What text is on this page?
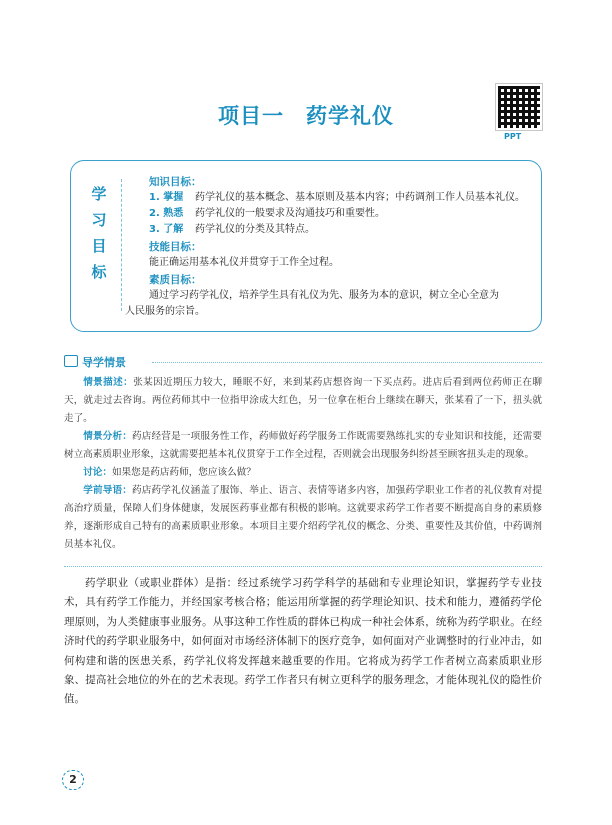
项目一 药学礼仪
PPT
学
习
目
标
知识目标：
1. 掌握 药学礼仪的基本概念、基本原则及基本内容；中药调剂工作人员基本礼仪。
2. 熟悉 药学礼仪的一般要求及沟通技巧和重要性。
3. 了解 药学礼仪的分类及其特点。
技能目标：
能正确运用基本礼仪并贯穿于工作全过程。
素质目标：
通过学习药学礼仪，培养学生具有礼仪为先、服务为本的意识，树立全心全意为
人民服务的宗旨。
导学情景

情景描述：张某因近期压力较大，睡眠不好，来到某药店想咨询一下买点药。进店后看到两位药师正在聊天，就走过去咨询。两位药师其中一位指甲涂成大红色，另一位拿在柜台上继续在聊天，张某看了一下，扭头就走了。

情景分析：药店经营是一项服务性工作，药师做好药学服务工作既需要熟练扎实的专业知识和技能，还需要树立高素质职业形象，这就需要把基本礼仪贯穿于工作全过程，否则就会出现服务纠纷甚至顾客扭头走的现象。

讨论：如果您是药店药师，您应该么做？

学前导语：药店药学礼仪涵盖了服饰、举止、语言、表情等诸多内容，加强药学职业工作者的礼仪教育对提高治疗质量，保障人们身体健康，发展医药事业都有积极的影响。这就要求药学工作者要不断提高自身的素质修养，逐渐形成自己特有的高素质职业形象。本项目主要介绍药学礼仪的概念、分类、重要性及其价值，中药调剂员基本礼仪。

药学职业（或职业群体）是指：经过系统学习药学科学的基础和专业理论知识，掌握药学专业技术，具有药学工作能力，并经国家考核合格；能运用所掌握的药学理论知识、技术和能力，遵循药学伦理原则，为人类健康事业服务。从事这种工作性质的群体已构成一种社会体系，统称为药学职业。在经济时代的药学职业服务中，如何面对市场经济体制下的医疗竞争，如何面对产业调整时的行业冲击，如何构建和谐的医患关系，药学礼仪将发挥越来越重要的作用。它将成为药学工作者树立高素质职业形象、提高社会地位的外在的艺术表现。药学工作者只有树立更科学的服务理念，才能体现礼仪的隐性价值。

2
